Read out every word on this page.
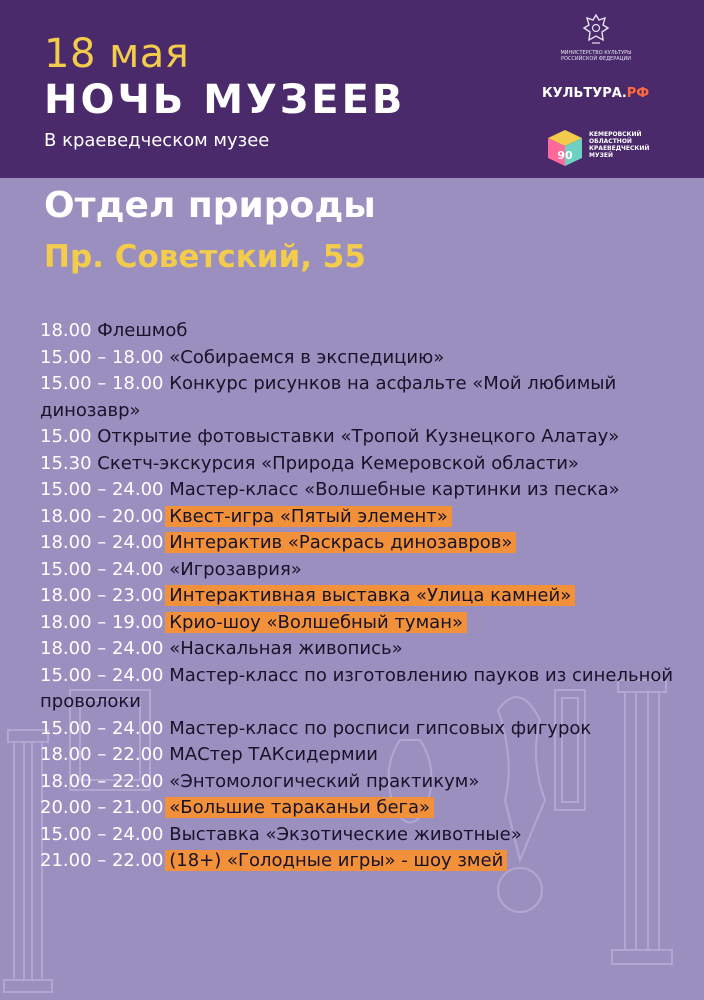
18 мая
НОЧЬ МУЗЕЕВ
В краеведческом музее
МИНИСТЕРСТВО КУЛЬТУРЫ РОССИЙСКОЙ ФЕДЕРАЦИИ
КУЛЬТУРА.РФ
90
КЕМЕРОВСКИЙ
ОБЛАСТНОЙ
КРАЕВЕДЧЕСКИЙ
МУЗЕЙ
Отдел природы
Пр. Советский, 55
18.00 Флешмоб
15.00 – 18.00 «Собираемся в экспедицию»
15.00 – 18.00 Конкурс рисунков на асфальте «Мой любимый динозавр»
15.00 Открытие фотовыставки «Тропой Кузнецкого Алатау»
15.30 Скетч-экскурсия «Природа Кемеровской области»
15.00 – 24.00 Мастер-класс «Волшебные картинки из песка»
18.00 – 20.00 Квест-игра «Пятый элемент»
18.00 – 24.00 Интерактив «Раскрась динозавров»
15.00 – 24.00 «Игрозаврия»
18.00 – 23.00 Интерактивная выставка «Улица камней»
18.00 – 19.00 Крио-шоу «Волшебный туман»
18.00 – 24.00 «Наскальная живопись»
15.00 – 24.00 Мастер-класс по изготовлению пауков из синельной проволоки
15.00 – 24.00 Мастер-класс по росписи гипсовых фигурок
18.00 – 22.00 МАСтер ТАКсидермии
18.00 – 22.00 «Энтомологический практикум»
20.00 – 21.00 «Большие тараканьи бега»
15.00 – 24.00 Выставка «Экзотические животные»
21.00 – 22.00 (18+) «Голодные игры» - шоу змей
